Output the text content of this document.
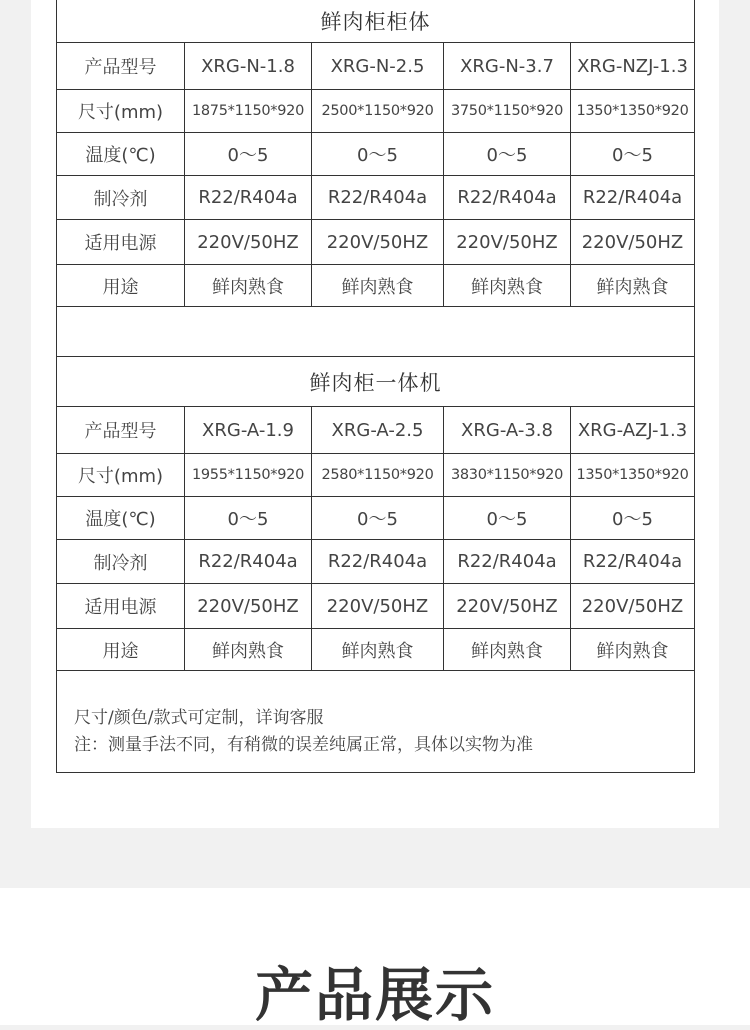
鲜肉柜柜体
产品型号	XRG-N-1.8	XRG-N-2.5	XRG-N-3.7	XRG-NZJ-1.3
尺寸(mm)	1875*1150*920	2500*1150*920	3750*1150*920 1350*1350*920
温度(℃)	0～5	0～5	0～5	0～5
制冷剂	R22/R404a	R22/R404a	R22/R404a	R22/R404a
适用电源	220V/50HZ	220V/50HZ	220V/50HZ	220V/50HZ
用途	鲜肉熟食	鲜肉熟食	鲜肉熟食	鲜肉熟食
鲜肉柜一体机
产品型号	XRG-A-1.9	XRG-A-2.5	XRG-A-3.8	XRG-AZJ-1.3
尺寸(mm)	1955*1150*920	2580*1150*920	3830*1150*920 1350*1350*920
温度(℃)	0～5	0～5	0～5	0～5
制冷剂	R22/R404a	R22/R404a	R22/R404a	R22/R404a
适用电源	220V/50HZ	220V/50HZ	220V/50HZ	220V/50HZ
用途	鲜肉熟食	鲜肉熟食	鲜肉熟食	鲜肉熟食
尺寸/颜色/款式可定制，详询客服
注：测量手法不同，有稍微的误差纯属正常，具体以实物为准
产品展示
